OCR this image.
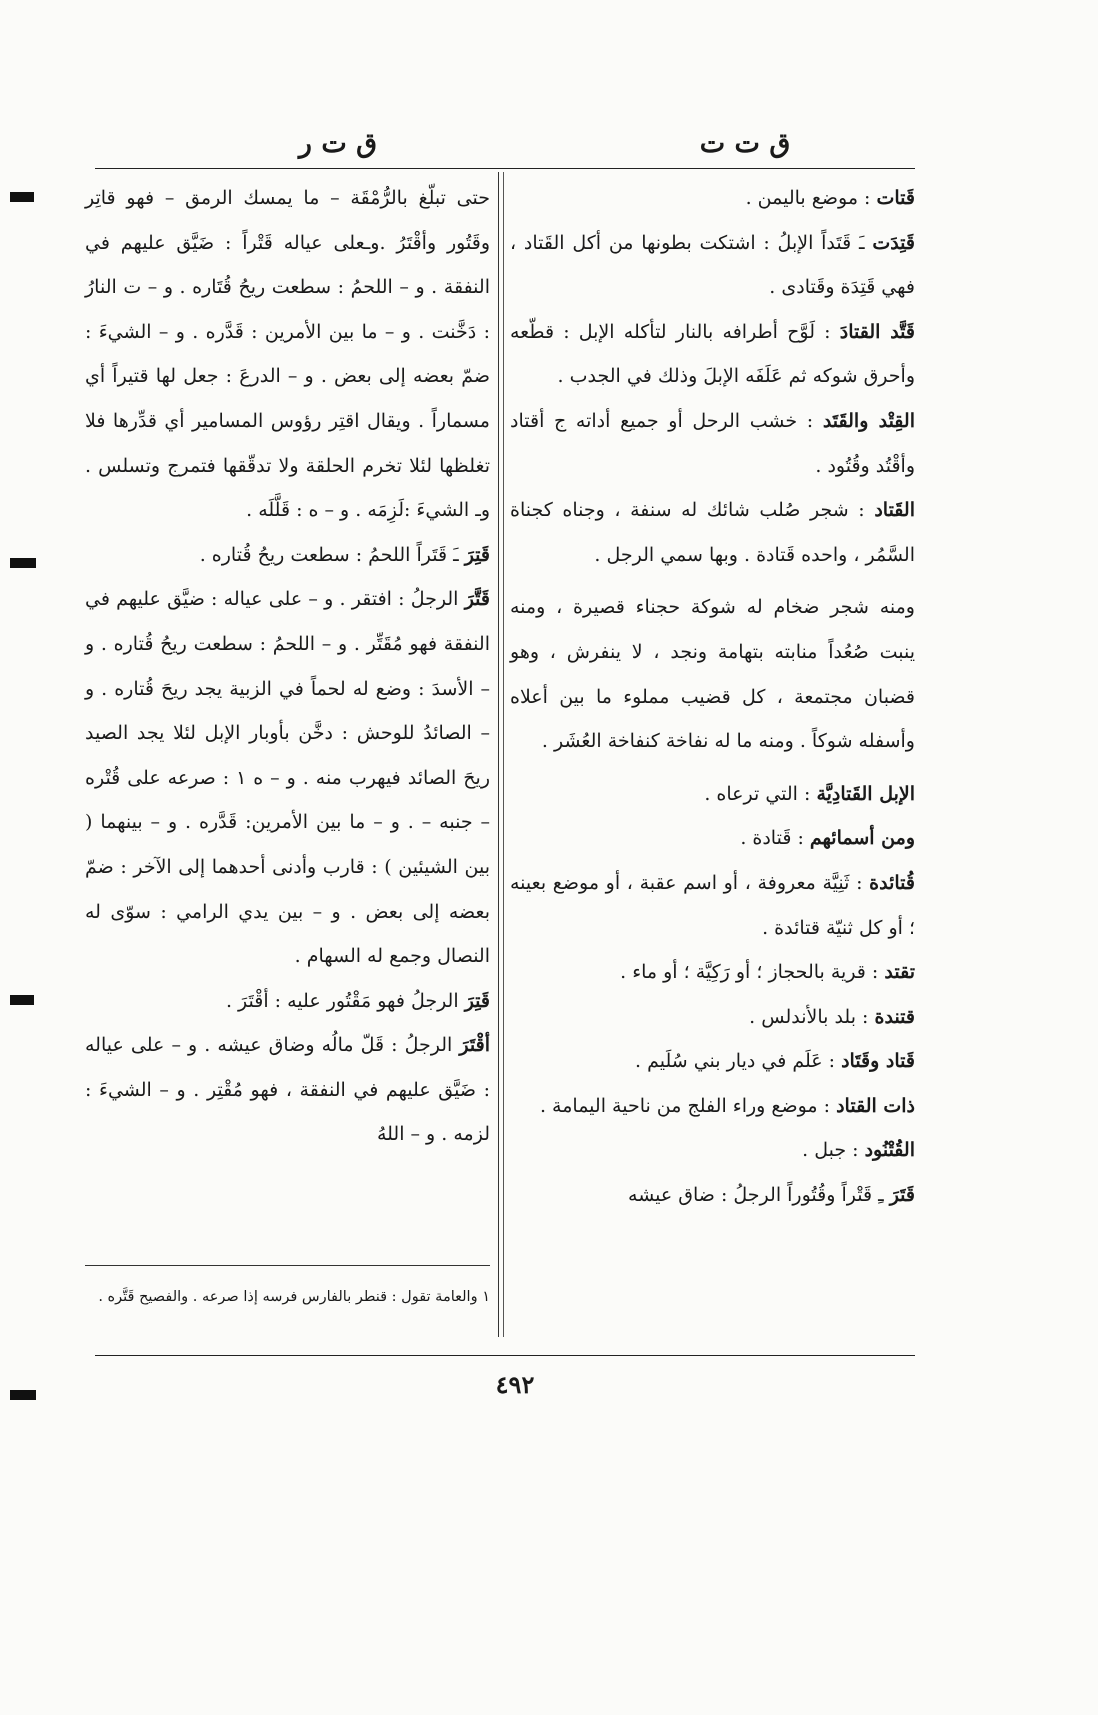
ق ت ت
ق ت ر

قَتات : موضع باليمن .

قَتِدَت ـَ قَتَداً الإبلُ : اشتكت بطونها من أكل القَتاد ، فهي قَتِدَة وقَتادى .

قَتَّد القتادَ : لَوَّح أطرافه بالنار لتأكله الإبل : قطّعه وأحرق شوكه ثم عَلَفَه الإبلَ وذلك في الجدب .

القِتْد والقَتَد : خشب الرحل أو جميع أداته ج أقتاد وأقْتُد وقُتُود .

القَتاد : شجر صُلب شائك له سنفة ، وجناه كجناة السَّمُر ، واحده قَتادة . وبها سمي الرجل .

ومنه شجر ضخام له شوكة حجناء قصيرة ، ومنه ينبت صُعُداً منابته بتهامة ونجد ، لا ينفرش ، وهو قضبان مجتمعة ، كل قضيب مملوء ما بين أعلاه وأسفله شوكاً . ومنه ما له نفاخة كنفاخة العُشَر .

الإبل القَتادِيَّة : التي ترعاه .

ومن أسمائهم : قَتادة .

قُتائدة : ثَنِيَّة معروفة ، أو اسم عقبة ، أو موضع بعينه ؛ أو كل ثنيّة قتائدة .

تقتد : قرية بالحجاز ؛ أو رَكِيَّة ؛ أو ماء .

قتندة : بلد بالأندلس .

قَتاد وقَتَاد : عَلَم في ديار بني سُلَيم .

ذات القتاد : موضع وراء الفلج من ناحية اليمامة .

القُتْنُود : جبل .

قَتَرَ ـِ قَتْراً وقُتُوراً الرجلُ : ضاق عيشه

حتى تبلّغ بالرُّمْقَة – ما يمسك الرمق – فهو قاتِر وقَتُور وأقْتَرُ .وـعلى عياله قَتْراً : ضَيَّق عليهم في النفقة . و – اللحمُ : سطعت ريحُ قُتَاره . و – ت النارُ : دَخَّنت . و – ما بين الأمرين : قَدَّره . و – الشيءَ : ضمّ بعضه إلى بعض . و – الدرعَ : جعل لها قتيراً أي مسماراً . ويقال اقتِر رؤوس المسامير أي قدِّرها فلا تغلظها لئلا تخرم الحلقة ولا تدقّقها فتمرج وتسلس . وـ الشيءَ :لَزِمَه . و – ه : قَلَّلَه .

قَتِرَ ـَ قَتَراً اللحمُ : سطعت ريحُ قُتاره .

قَتَّرَ الرجلُ : افتقر . و – على عياله : ضيَّق عليهم في النفقة فهو مُقَتِّر . و – اللحمُ : سطعت ريحُ قُتاره . و – الأسدَ : وضع له لحماً في الزبية يجد ريحَ قُتاره . و – الصائدُ للوحش : دخَّن بأوبار الإبل لئلا يجد الصيد ريحَ الصائد فيهرب منه . و – ه ١ : صرعه على قُتْره – جنبه – . و – ما بين الأمرين: قَدَّره . و – بينهما ( بين الشيئين ) : قارب وأدنى أحدهما إلى الآخر : ضمّ بعضه إلى بعض . و – بين يدي الرامي : سوّى له النصال وجمع له السهام .

قَتِرَ الرجلُ فهو مَقْتُور عليه : أقْتَرَ .

أقْتَرَ الرجلُ : قَلّ مالُه وضاق عيشه . و – على عياله : ضَيَّق عليهم في النفقة ، فهو مُقْتِر . و – الشيءَ : لزمه . و – اللهُ

١ والعامة تقول : قنطر بالفارس فرسه إذا صرعه . والفصيح قَتَّره .
٤٩٢
